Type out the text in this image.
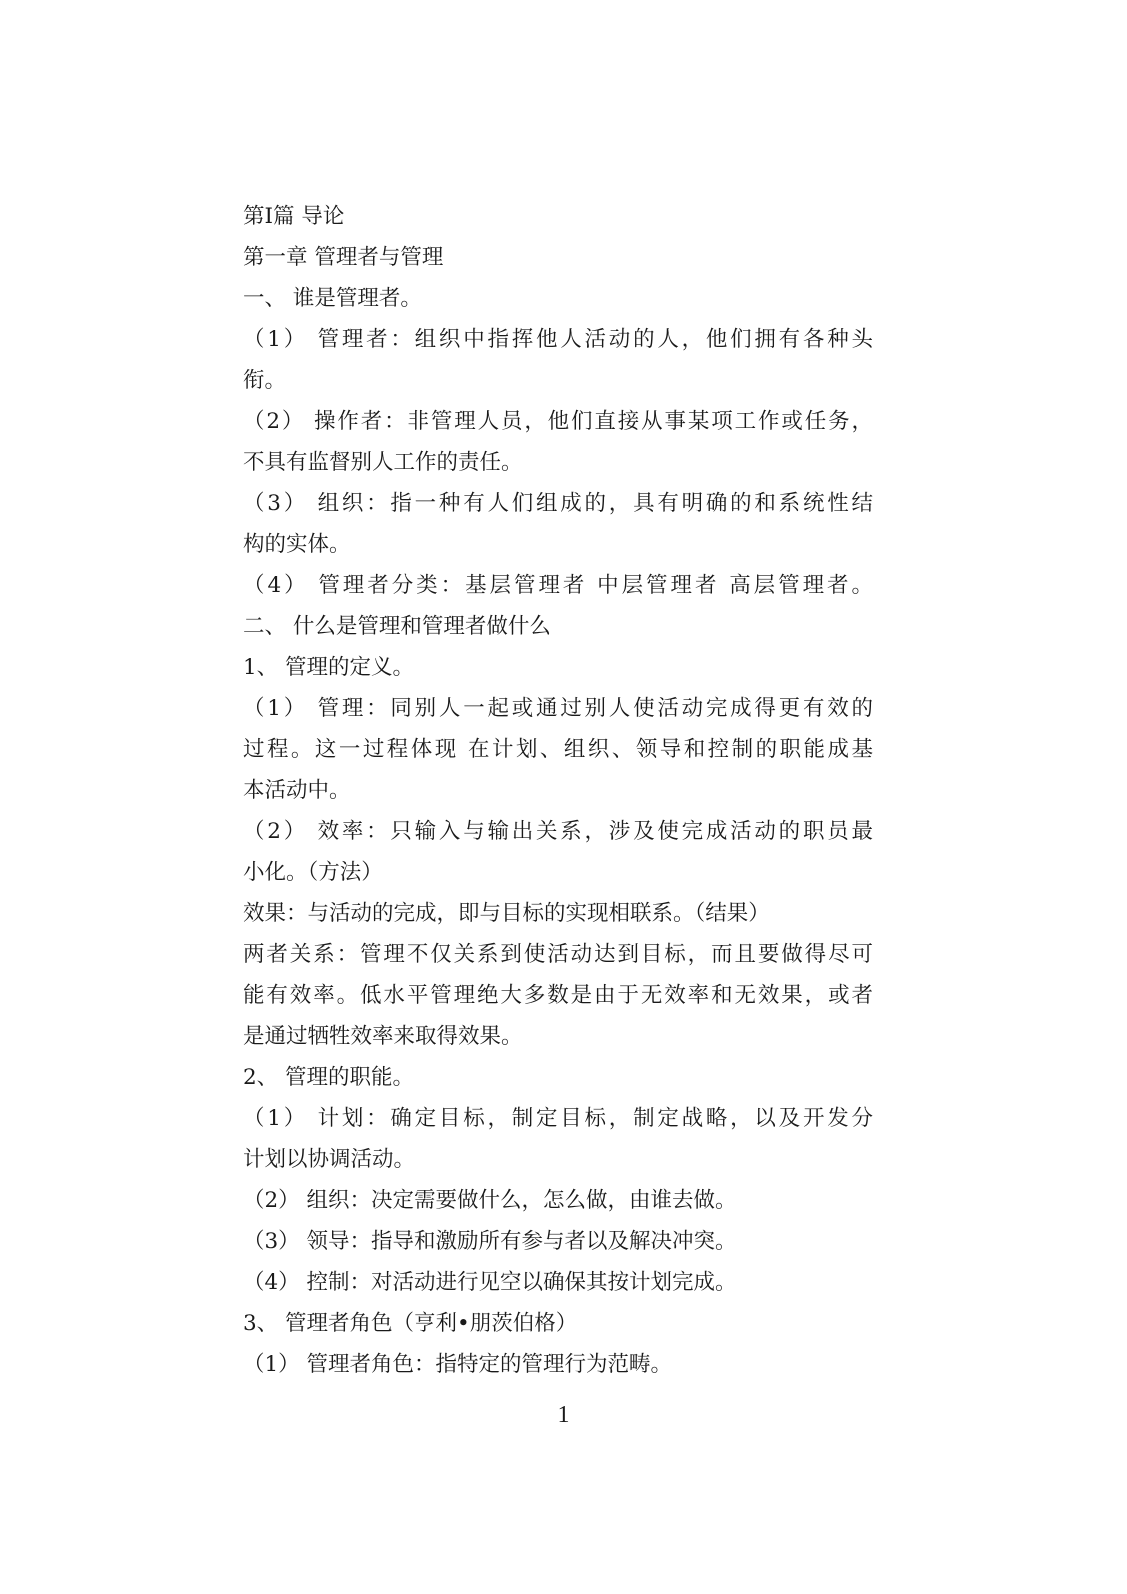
第Ⅰ篇 导论
第一章 管理者与管理
一、 谁是管理者。
（1） 管理者：组织中指挥他人活动的人，他们拥有各种头
衔。
（2） 操作者：非管理人员，他们直接从事某项工作或任务，
不具有监督别人工作的责任。
（3） 组织：指一种有人们组成的，具有明确的和系统性结
构的实体。
（4） 管理者分类：基层管理者 中层管理者 高层管理者。
二、 什么是管理和管理者做什么
1、 管理的定义。
（1） 管理：同别人一起或通过别人使活动完成得更有效的
过程。这一过程体现 在计划、组织、领导和控制的职能成基
本活动中。
（2） 效率：只输入与输出关系，涉及使完成活动的职员最
小化。（方法）
效果：与活动的完成，即与目标的实现相联系。（结果）
两者关系：管理不仅关系到使活动达到目标，而且要做得尽可
能有效率。低水平管理绝大多数是由于无效率和无效果，或者
是通过牺牲效率来取得效果。
2、 管理的职能。
（1） 计划：确定目标，制定目标，制定战略，以及开发分
计划以协调活动。
（2） 组织：决定需要做什么，怎么做，由谁去做。
（3） 领导：指导和激励所有参与者以及解决冲突。
（4） 控制：对活动进行见空以确保其按计划完成。
3、 管理者角色（亨利•朋茨伯格）
（1） 管理者角色：指特定的管理行为范畴。
1
